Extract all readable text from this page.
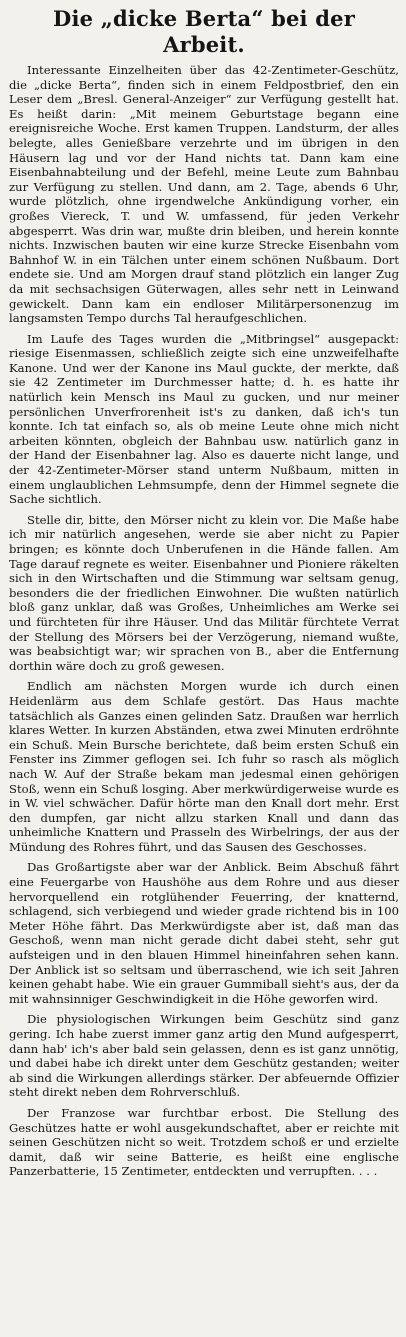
Die „dicke Berta“ bei der Arbeit.

Interessante Einzelheiten über das 42-Zentimeter-Geschütz, die „dicke Berta“, finden sich in einem Feldpostbrief, den ein Leser dem „Bresl. General-Anzeiger“ zur Verfügung gestellt hat. Es heißt darin: „Mit meinem Geburtstage begann eine ereignisreiche Woche. Erst kamen Truppen. Landsturm, der alles belegte, alles Genießbare verzehrte und im übrigen in den Häusern lag und vor der Hand nichts tat. Dann kam eine Eisenbahnabteilung und der Befehl, meine Leute zum Bahnbau zur Verfügung zu stellen. Und dann, am 2. Tage, abends 6 Uhr, wurde plötzlich, ohne irgendwelche Ankündigung vorher, ein großes Viereck, T. und W. umfassend, für jeden Verkehr abgesperrt. Was drin war, mußte drin bleiben, und herein konnte nichts. Inzwischen bauten wir eine kurze Strecke Eisenbahn vom Bahnhof W. in ein Tälchen unter einem schönen Nußbaum. Dort endete sie. Und am Morgen drauf stand plötzlich ein langer Zug da mit sechsachsigen Güterwagen, alles sehr nett in Leinwand gewickelt. Dann kam ein endloser Militärpersonenzug im langsamsten Tempo durchs Tal heraufgeschlichen.

Im Laufe des Tages wurden die „Mitbringsel“ ausgepackt: riesige Eisenmassen, schließlich zeigte sich eine unzweifelhafte Kanone. Und wer der Kanone ins Maul guckte, der merkte, daß sie 42 Zentimeter im Durchmesser hatte; d. h. es hatte ihr natürlich kein Mensch ins Maul zu gucken, und nur meiner persönlichen Unverfrorenheit ist's zu danken, daß ich's tun konnte. Ich tat einfach so, als ob meine Leute ohne mich nicht arbeiten könnten, obgleich der Bahnbau usw. natürlich ganz in der Hand der Eisenbahner lag. Also es dauerte nicht lange, und der 42-Zentimeter-Mörser stand unterm Nußbaum, mitten in einem unglaublichen Lehmsumpfe, denn der Himmel segnete die Sache sichtlich.

Stelle dir, bitte, den Mörser nicht zu klein vor. Die Maße habe ich mir natürlich angesehen, werde sie aber nicht zu Papier bringen; es könnte doch Unberufenen in die Hände fallen. Am Tage darauf regnete es weiter. Eisenbahner und Pioniere räkelten sich in den Wirtschaften und die Stimmung war seltsam genug, besonders die der friedlichen Einwohner. Die wußten natürlich bloß ganz unklar, daß was Großes, Unheimliches am Werke sei und fürchteten für ihre Häuser. Und das Militär fürchtete Verrat der Stellung des Mörsers bei der Verzögerung, niemand wußte, was beabsichtigt war; wir sprachen von B., aber die Entfernung dorthin wäre doch zu groß gewesen.

Endlich am nächsten Morgen wurde ich durch einen Heidenlärm aus dem Schlafe gestört. Das Haus machte tatsächlich als Ganzes einen gelinden Satz. Draußen war herrlich klares Wetter. In kurzen Abständen, etwa zwei Minuten erdröhnte ein Schuß. Mein Bursche berichtete, daß beim ersten Schuß ein Fenster ins Zimmer geflogen sei. Ich fuhr so rasch als möglich nach W. Auf der Straße bekam man jedesmal einen gehörigen Stoß, wenn ein Schuß losging. Aber merkwürdigerweise wurde es in W. viel schwächer. Dafür hörte man den Knall dort mehr. Erst den dumpfen, gar nicht allzu starken Knall und dann das unheimliche Knattern und Prasseln des Wirbelrings, der aus der Mündung des Rohres führt, und das Sausen des Geschosses.

Das Großartigste aber war der Anblick. Beim Abschuß fährt eine Feuergarbe von Haushöhe aus dem Rohre und aus dieser hervorquellend ein rotglühender Feuerring, der knatternd, schlagend, sich verbiegend und wieder grade richtend bis in 100 Meter Höhe fährt. Das Merkwürdigste aber ist, daß man das Geschoß, wenn man nicht gerade dicht dabei steht, sehr gut aufsteigen und in den blauen Himmel hineinfahren sehen kann. Der Anblick ist so seltsam und überraschend, wie ich seit Jahren keinen gehabt habe. Wie ein grauer Gummiball sieht's aus, der da mit wahnsinniger Geschwindigkeit in die Höhe geworfen wird.

Die physiologischen Wirkungen beim Geschütz sind ganz gering. Ich habe zuerst immer ganz artig den Mund aufgesperrt, dann hab' ich's aber bald sein gelassen, denn es ist ganz unnötig, und dabei habe ich direkt unter dem Geschütz gestanden; weiter ab sind die Wirkungen allerdings stärker. Der abfeuernde Offizier steht direkt neben dem Rohrverschluß.

Der Franzose war furchtbar erbost. Die Stellung des Geschützes hatte er wohl ausgekundschaftet, aber er reichte mit seinen Geschützen nicht so weit. Trotzdem schoß er und erzielte damit, daß wir seine Batterie, es heißt eine englische Panzerbatterie, 15 Zentimeter, entdeckten und verrupften. . . .
